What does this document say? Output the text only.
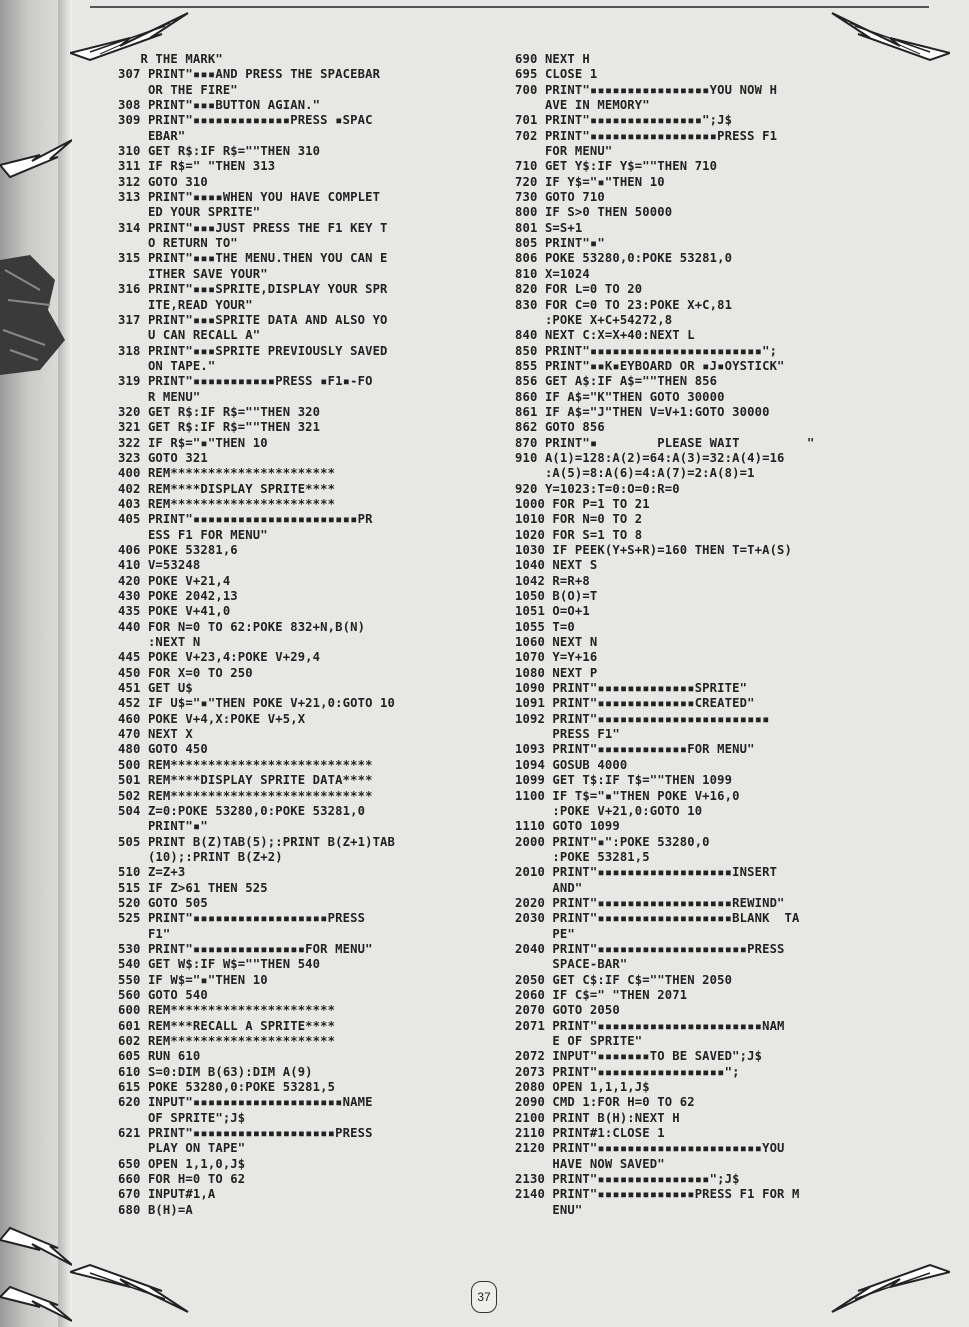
R THE MARK"
307 PRINT"▪▪▪AND PRESS THE SPACEBAR
OR THE FIRE"
308 PRINT"▪▪▪BUTTON AGIAN."
309 PRINT"▪▪▪▪▪▪▪▪▪▪▪▪▪PRESS ▪SPAC
EBAR"
310 GET R$:IF R$=""THEN 310
311 IF R$=" "THEN 313
312 GOTO 310
313 PRINT"▪▪▪▪WHEN YOU HAVE COMPLET
ED YOUR SPRITE"
314 PRINT"▪▪▪JUST PRESS THE F1 KEY T
O RETURN TO"
315 PRINT"▪▪▪THE MENU.THEN YOU CAN E
ITHER SAVE YOUR"
316 PRINT"▪▪▪SPRITE,DISPLAY YOUR SPR
ITE,READ YOUR"
317 PRINT"▪▪▪SPRITE DATA AND ALSO YO
U CAN RECALL A"
318 PRINT"▪▪▪SPRITE PREVIOUSLY SAVED
ON TAPE."
319 PRINT"▪▪▪▪▪▪▪▪▪▪▪PRESS ▪F1▪-FO
R MENU"
320 GET R$:IF R$=""THEN 320
321 GET R$:IF R$=""THEN 321
322 IF R$="▪"THEN 10
323 GOTO 321
400 REM**********************
402 REM****DISPLAY SPRITE****
403 REM**********************
405 PRINT"▪▪▪▪▪▪▪▪▪▪▪▪▪▪▪▪▪▪▪▪▪▪PR
ESS F1 FOR MENU"
406 POKE 53281,6
410 V=53248
420 POKE V+21,4
430 POKE 2042,13
435 POKE V+41,0
440 FOR N=0 TO 62:POKE 832+N,B(N)
:NEXT N
445 POKE V+23,4:POKE V+29,4
450 FOR X=0 TO 250
451 GET U$
452 IF U$="▪"THEN POKE V+21,0:GOTO 10
460 POKE V+4,X:POKE V+5,X
470 NEXT X
480 GOTO 450
500 REM***************************
501 REM****DISPLAY SPRITE DATA****
502 REM***************************
504 Z=0:POKE 53280,0:POKE 53281,0
PRINT"▪"
505 PRINT B(Z)TAB(5);:PRINT B(Z+1)TAB
(10);:PRINT B(Z+2)
510 Z=Z+3
515 IF Z>61 THEN 525
520 GOTO 505
525 PRINT"▪▪▪▪▪▪▪▪▪▪▪▪▪▪▪▪▪▪PRESS
F1"
530 PRINT"▪▪▪▪▪▪▪▪▪▪▪▪▪▪▪FOR MENU"
540 GET W$:IF W$=""THEN 540
550 IF W$="▪"THEN 10
560 GOTO 540
600 REM**********************
601 REM***RECALL A SPRITE****
602 REM**********************
605 RUN 610
610 S=0:DIM B(63):DIM A(9)
615 POKE 53280,0:POKE 53281,5
620 INPUT"▪▪▪▪▪▪▪▪▪▪▪▪▪▪▪▪▪▪▪▪NAME
OF SPRITE";J$
621 PRINT"▪▪▪▪▪▪▪▪▪▪▪▪▪▪▪▪▪▪▪PRESS
PLAY ON TAPE"
650 OPEN 1,1,0,J$
660 FOR H=0 TO 62
670 INPUT#1,A
680 B(H)=A
690 NEXT H
695 CLOSE 1
700 PRINT"▪▪▪▪▪▪▪▪▪▪▪▪▪▪▪▪YOU NOW H
AVE IN MEMORY"
701 PRINT"▪▪▪▪▪▪▪▪▪▪▪▪▪▪▪";J$
702 PRINT"▪▪▪▪▪▪▪▪▪▪▪▪▪▪▪▪▪PRESS F1
FOR MENU"
710 GET Y$:IF Y$=""THEN 710
720 IF Y$="▪"THEN 10
730 GOTO 710
800 IF S>0 THEN 50000
801 S=S+1
805 PRINT"▪"
806 POKE 53280,0:POKE 53281,0
810 X=1024
820 FOR L=0 TO 20
830 FOR C=0 TO 23:POKE X+C,81
:POKE X+C+54272,8
840 NEXT C:X=X+40:NEXT L
850 PRINT"▪▪▪▪▪▪▪▪▪▪▪▪▪▪▪▪▪▪▪▪▪▪▪";
855 PRINT"▪▪K▪EYBOARD OR ▪J▪OYSTICK"
856 GET A$:IF A$=""THEN 856
860 IF A$="K"THEN GOTO 30000
861 IF A$="J"THEN V=V+1:GOTO 30000
862 GOTO 856
870 PRINT"▪        PLEASE WAIT         "
910 A(1)=128:A(2)=64:A(3)=32:A(4)=16
:A(5)=8:A(6)=4:A(7)=2:A(8)=1
920 Y=1023:T=0:O=0:R=0
1000 FOR P=1 TO 21
1010 FOR N=0 TO 2
1020 FOR S=1 TO 8
1030 IF PEEK(Y+S+R)=160 THEN T=T+A(S)
1040 NEXT S
1042 R=R+8
1050 B(O)=T
1051 O=O+1
1055 T=0
1060 NEXT N
1070 Y=Y+16
1080 NEXT P
1090 PRINT"▪▪▪▪▪▪▪▪▪▪▪▪▪SPRITE"
1091 PRINT"▪▪▪▪▪▪▪▪▪▪▪▪▪CREATED"
1092 PRINT"▪▪▪▪▪▪▪▪▪▪▪▪▪▪▪▪▪▪▪▪▪▪▪
PRESS F1"
1093 PRINT"▪▪▪▪▪▪▪▪▪▪▪▪FOR MENU"
1094 GOSUB 4000
1099 GET T$:IF T$=""THEN 1099
1100 IF T$="▪"THEN POKE V+16,0
:POKE V+21,0:GOTO 10
1110 GOTO 1099
2000 PRINT"▪":POKE 53280,0
:POKE 53281,5
2010 PRINT"▪▪▪▪▪▪▪▪▪▪▪▪▪▪▪▪▪▪INSERT
AND"
2020 PRINT"▪▪▪▪▪▪▪▪▪▪▪▪▪▪▪▪▪▪REWIND"
2030 PRINT"▪▪▪▪▪▪▪▪▪▪▪▪▪▪▪▪▪▪BLANK  TA
PE"
2040 PRINT"▪▪▪▪▪▪▪▪▪▪▪▪▪▪▪▪▪▪▪▪PRESS
SPACE-BAR"
2050 GET C$:IF C$=""THEN 2050
2060 IF C$=" "THEN 2071
2070 GOTO 2050
2071 PRINT"▪▪▪▪▪▪▪▪▪▪▪▪▪▪▪▪▪▪▪▪▪▪NAM
E OF SPRITE"
2072 INPUT"▪▪▪▪▪▪▪TO BE SAVED";J$
2073 PRINT"▪▪▪▪▪▪▪▪▪▪▪▪▪▪▪▪▪";
2080 OPEN 1,1,1,J$
2090 CMD 1:FOR H=0 TO 62
2100 PRINT B(H):NEXT H
2110 PRINT#1:CLOSE 1
2120 PRINT"▪▪▪▪▪▪▪▪▪▪▪▪▪▪▪▪▪▪▪▪▪▪YOU
HAVE NOW SAVED"
2130 PRINT"▪▪▪▪▪▪▪▪▪▪▪▪▪▪▪";J$
2140 PRINT"▪▪▪▪▪▪▪▪▪▪▪▪▪PRESS F1 FOR M
ENU"
37
